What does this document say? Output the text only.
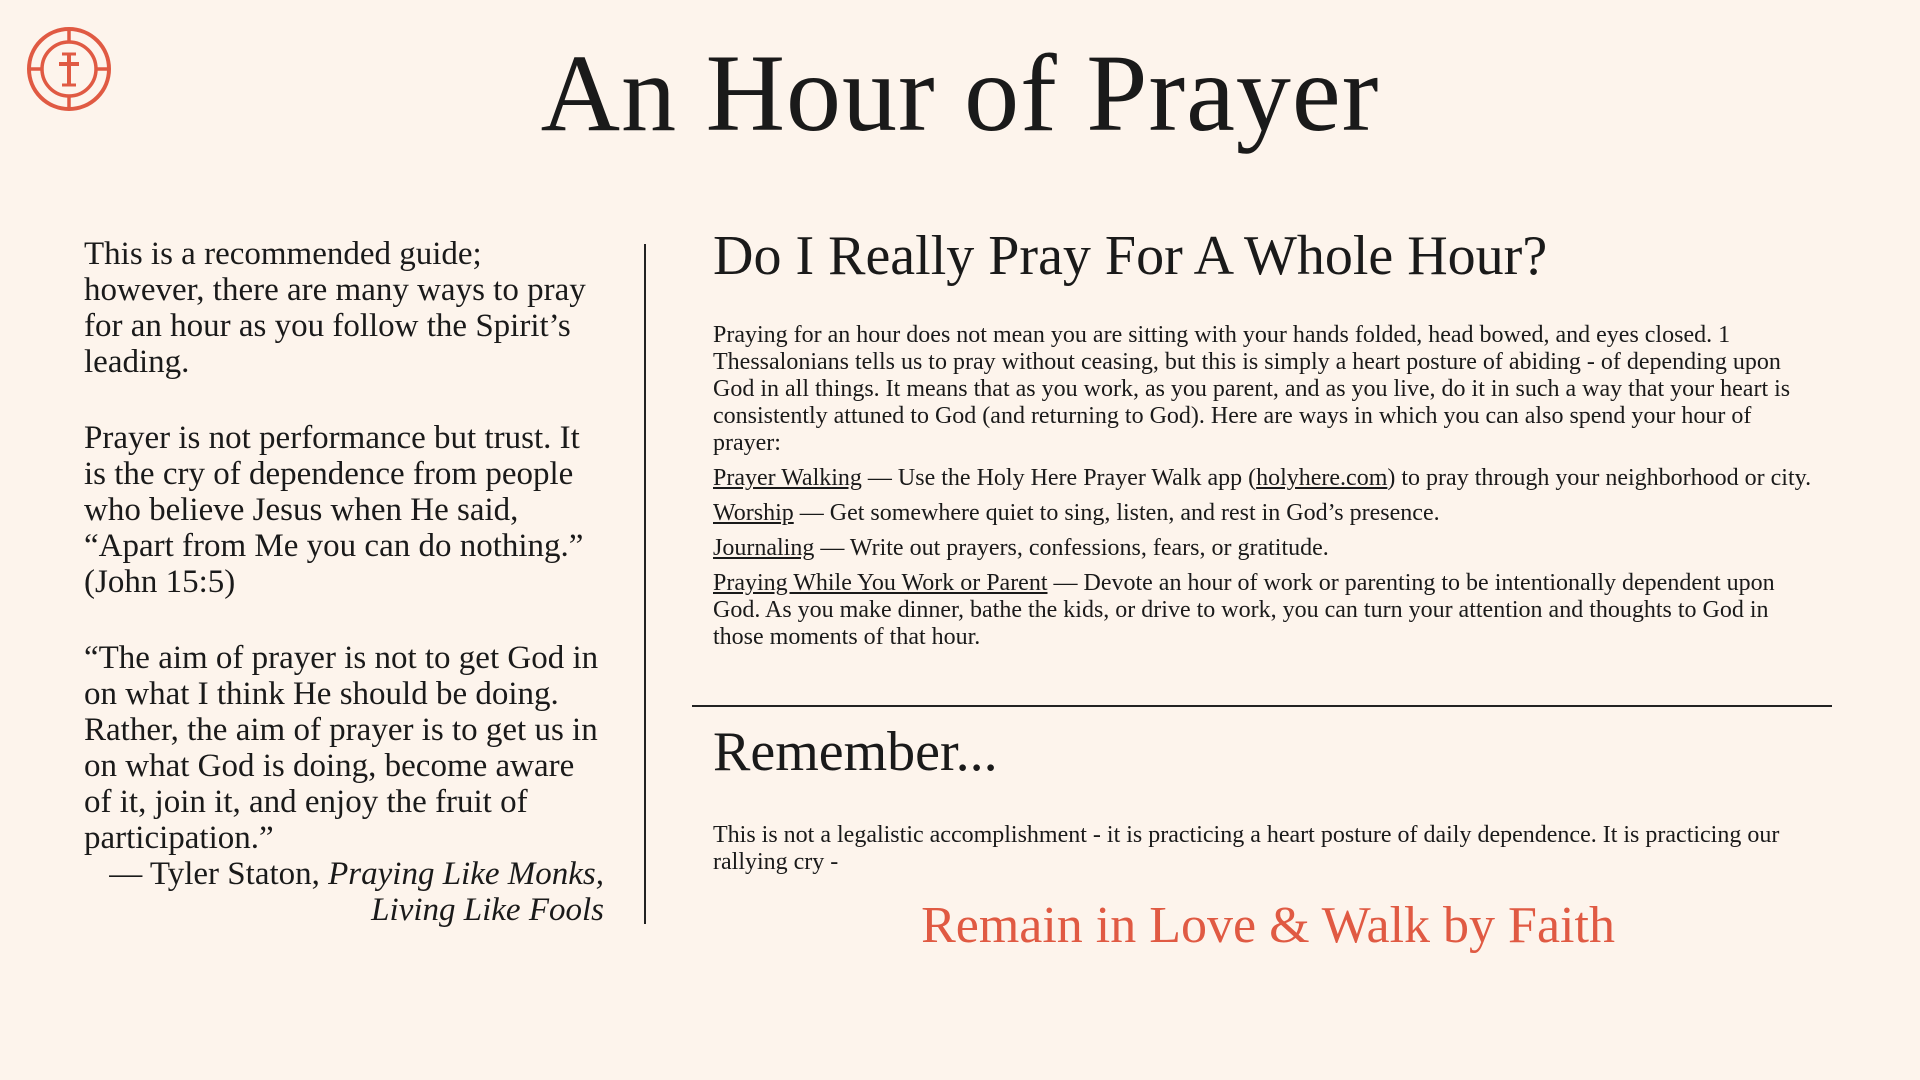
An Hour of Prayer

This is a recommended guide; however, there are many ways to pray for an hour as you follow the Spirit’s leading.

Prayer is not performance but trust. It is the cry of dependence from people who believe Jesus when He said, “Apart from Me you can do nothing.” (John 15:5)

“The aim of prayer is not to get God in on what I think He should be doing. Rather, the aim of prayer is to get us in on what God is doing, become aware of it, join it, and enjoy the fruit of participation.”

— Tyler Staton, Praying Like Monks, Living Like Fools

Do I Really Pray For A Whole Hour?

Praying for an hour does not mean you are sitting with your hands folded, head bowed, and eyes closed. 1 Thessalonians tells us to pray without ceasing, but this is simply a heart posture of abiding - of depending upon God in all things. It means that as you work, as you parent, and as you live, do it in such a way that your heart is consistently attuned to God (and returning to God). Here are ways in which you can also spend your hour of prayer:

Prayer Walking — Use the Holy Here Prayer Walk app (holyhere.com) to pray through your neighborhood or city.

Worship — Get somewhere quiet to sing, listen, and rest in God’s presence.

Journaling — Write out prayers, confessions, fears, or gratitude.

Praying While You Work or Parent — Devote an hour of work or parenting to be intentionally dependent upon God. As you make dinner, bathe the kids, or drive to work, you can turn your attention and thoughts to God in those moments of that hour.

Remember...

This is not a legalistic accomplishment - it is practicing a heart posture of daily dependence. It is practicing our rallying cry -

Remain in Love & Walk by Faith
